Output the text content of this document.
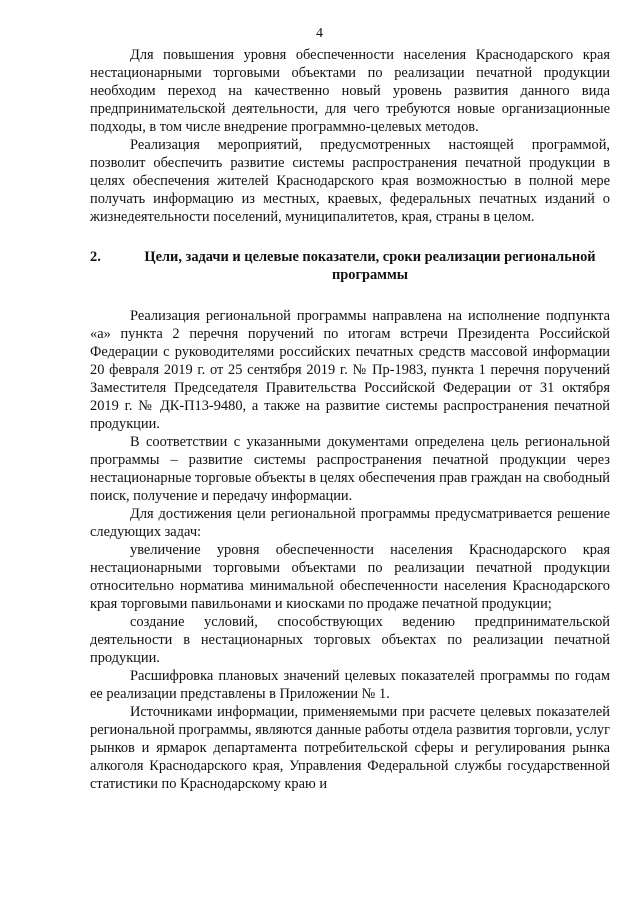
4

Для повышения уровня обеспеченности населения Краснодарского края нестационарными торговыми объектами по реализации печатной продукции необходим переход на качественно новый уровень развития данного вида предпринимательской деятельности, для чего требуются новые организационные подходы, в том числе внедрение программно-целевых методов.

Реализация мероприятий, предусмотренных настоящей программой, позволит обеспечить развитие системы распространения печатной продукции в целях обеспечения жителей Краснодарского края возможностью в полной мере получать информацию из местных, краевых, федеральных печатных изданий о жизнедеятельности поселений, муниципалитетов, края, страны в целом.

2.	Цели, задачи и целевые показатели, сроки реализации региональной программы

Реализация региональной программы направлена на исполнение подпункта «а» пункта 2 перечня поручений по итогам встречи Президента Российской Федерации с руководителями российских печатных средств массовой информации 20 февраля 2019 г. от 25 сентября 2019 г. № Пр-1983, пункта 1 перечня поручений Заместителя Председателя Правительства Российской Федерации от 31 октября 2019 г. № ДК-П13-9480, а также на развитие системы распространения печатной продукции.

В соответствии с указанными документами определена цель региональной программы – развитие системы распространения печатной продукции через нестационарные торговые объекты в целях обеспечения прав граждан на свободный поиск, получение и передачу информации.

Для достижения цели региональной программы предусматривается решение следующих задач:

увеличение уровня обеспеченности населения Краснодарского края нестационарными торговыми объектами по реализации печатной продукции относительно норматива минимальной обеспеченности населения Краснодарского края торговыми павильонами и киосками по продаже печатной продукции;

создание условий, способствующих ведению предпринимательской деятельности в нестационарных торговых объектах по реализации печатной продукции.

Расшифровка плановых значений целевых показателей программы по годам ее реализации представлены в Приложении № 1.

Источниками информации, применяемыми при расчете целевых показателей региональной программы, являются данные работы отдела развития торговли, услуг рынков и ярмарок департамента потребительской сферы и регулирования рынка алкоголя Краснодарского края, Управления Федеральной службы государственной статистики по Краснодарскому краю и
